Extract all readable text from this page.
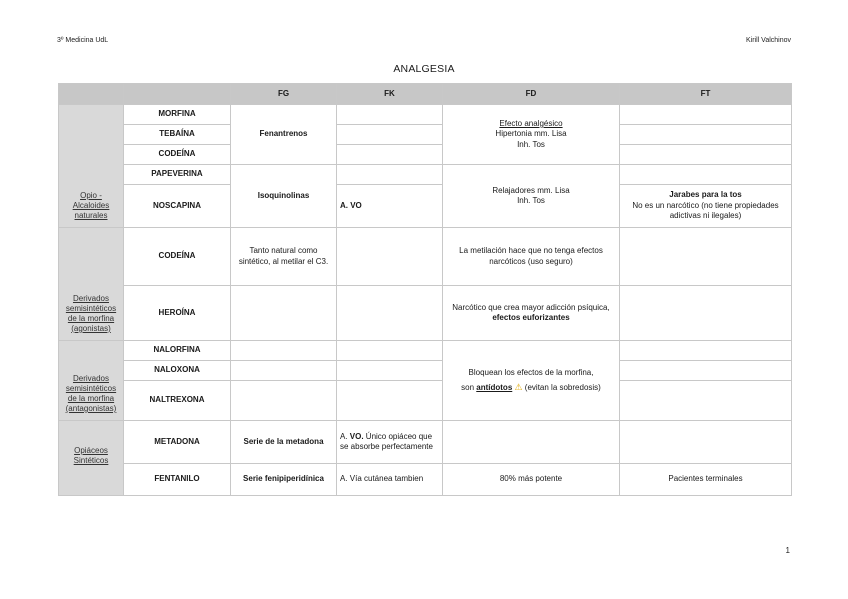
3º Medicina UdL	Kirill Valchinov
ANALGESIA
		FG	FK	FD	FT
Opio -
Alcaloides naturales	MORFINA	Fenantrenos		Efecto analgésico
Hipertonia mm. Lisa
Inh. Tos	
	TEBAÍNA				
	CODEÍNA				
	PAPEVERINA	Isoquinolinas		Relajadores mm. Lisa
Inh. Tos	
	NOSCAPINA		A. VO		Jarabes para la tos
No es un narcótico (no tiene propiedades adictivas ni ilegales)
Derivados semisintéticos de la morfina (agonistas)	CODEÍNA	Tanto natural como sintético, al metilar el C3.		La metilación hace que no tenga efectos narcóticos (uso seguro)	
	HEROÍNA			Narcótico que crea mayor adicción psíquica, efectos euforizantes	
Derivados semisintéticos de la morfina (antagonistas)	NALORFINA			Bloquean los efectos de la morfina,
son antídotos ⚠ (evitan la sobredosis)	
	NALOXONA				
	NALTREXONA				
Opiáceos Sintéticos	METADONA	Serie de la metadona	A. VO. Único opiáceo que se absorbe perfectamente		
	FENTANILO	Serie fenipiperidínica	A. Vía cutánea tambien	80% más potente	Pacientes terminales
1
